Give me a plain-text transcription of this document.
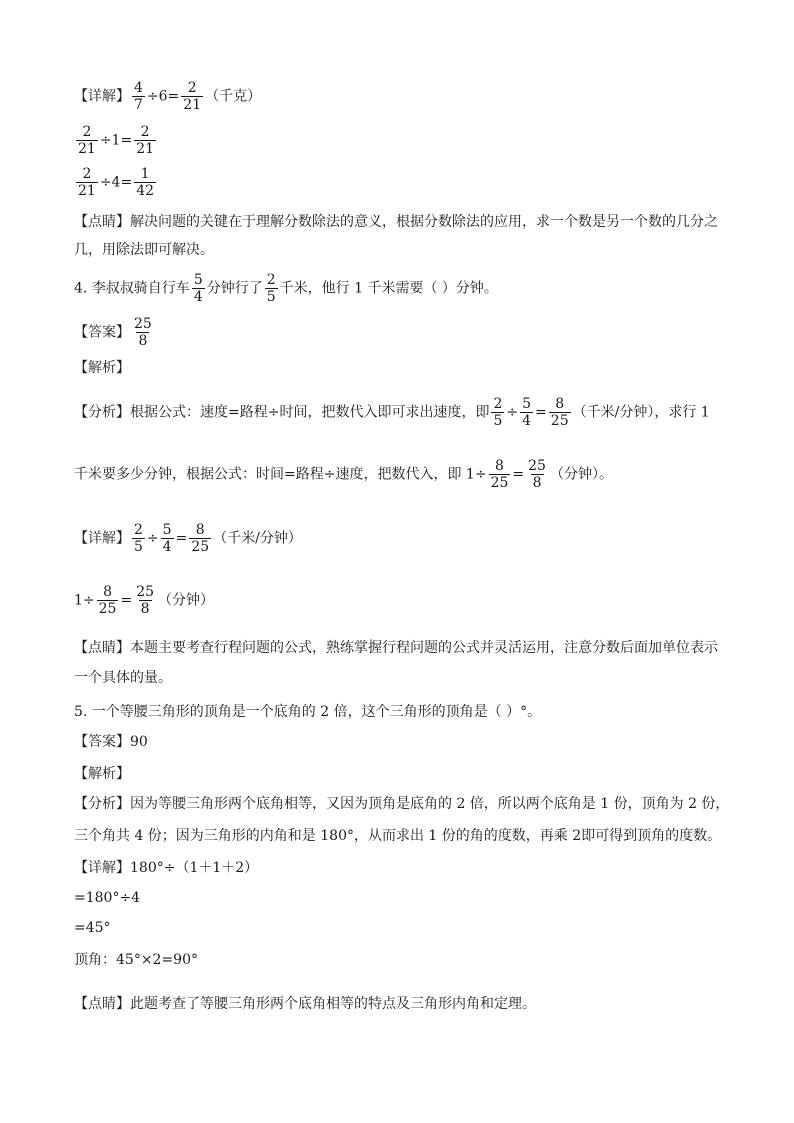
【详解】 $\frac{4}{7} \div 6= \frac{2}{21}$ （千克）
$\frac{2}{21} \div 1= \frac{2}{21}$
$\frac{2}{21} \div 4= \frac{1}{42}$
【点睛】解决问题的关键在于理解分数除法的意义，根据分数除法的应用，求一个数是另一个数的几分之
几，用除法即可解决。
4. 李叔叔骑自行车 $\frac{5}{4}$ 分钟行了 $\frac{2}{5}$ 千米，他行 1 千米需要（ ）分钟。
【答案】 $\frac{25}{8}$
【解析】
【分析】根据公式：速度=路程÷时间，把数代入即可求出速度，即 $\frac{2}{5} \div \frac{5}{4} = \frac{8}{25}$ （千米/分钟），求行 1
千米要多少分钟，根据公式：时间=路程÷速度，把数代入，即 $1\div \frac{8}{25} = \frac{25}{8}$ （分钟）。
【详解】 $\frac{2}{5} \div \frac{5}{4} = \frac{8}{25}$ （千米/分钟）
$1\div \frac{8}{25} = \frac{25}{8}$ （分钟）
【点睛】本题主要考查行程问题的公式，熟练掌握行程问题的公式并灵活运用，注意分数后面加单位表示
一个具体的量。
5. 一个等腰三角形的顶角是一个底角的 2 倍，这个三角形的顶角是（ ）°。
【答案】90
【解析】
【分析】因为等腰三角形两个底角相等，又因为顶角是底角的 2 倍，所以两个底角是 1 份，顶角为 2 份，
三个角共 4 份；因为三角形的内角和是 180°，从而求出 1 份的角的度数，再乘 2即可得到顶角的度数。
【详解】180°÷（1＋1＋2）
=180°÷4
=45°
顶角：45°×2=90°
【点睛】此题考查了等腰三角形两个底角相等的特点及三角形内角和定理。
